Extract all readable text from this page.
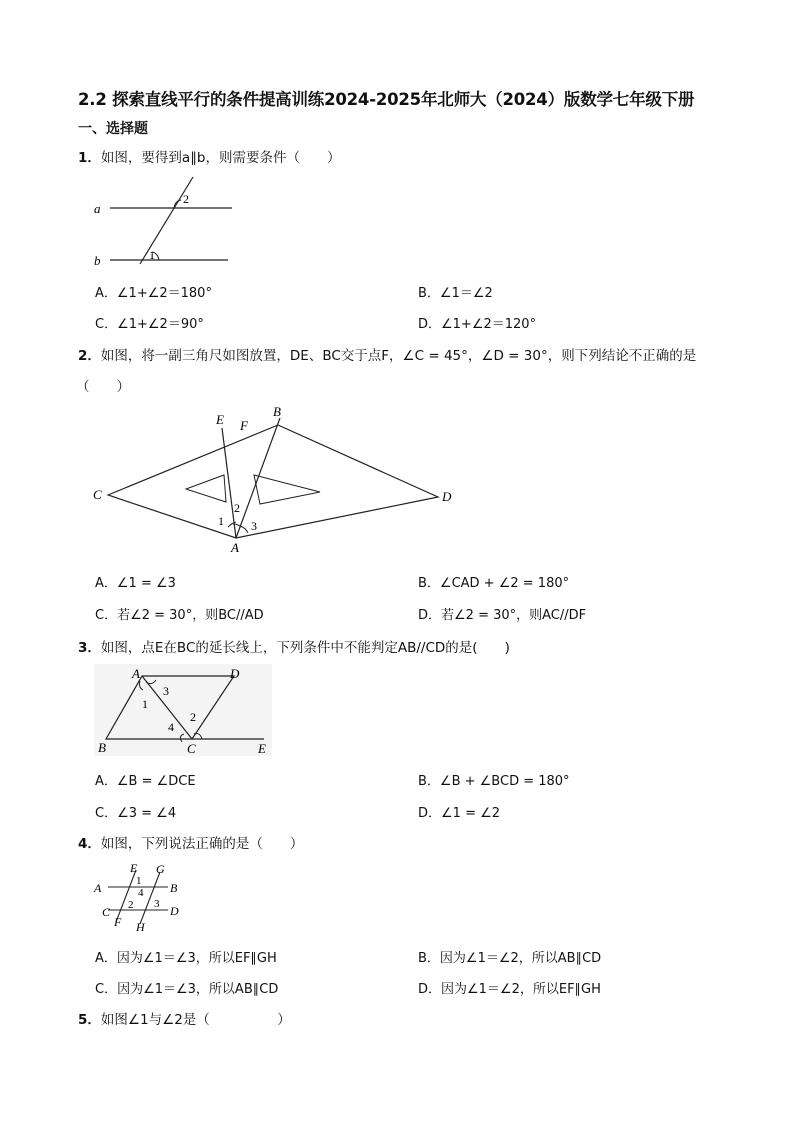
2.2 探索直线平行的条件提高训练2024-2025年北师大（2024）版数学七年级下册
一、选择题
1．如图，要得到a∥b，则需要条件（　　）
a
b	1
2
A．∠1+∠2＝180°	B．∠1＝∠2
C．∠1+∠2＝90°	D．∠1+∠2＝120°
2．如图，将一副三角尺如图放置，DE、BC交于点F，∠C = 45°，∠D = 30°，则下列结论不正确的是
（　　）
E F
B
C	D
A
1
2
3
A．∠1 = ∠3	B．∠CAD + ∠2 = 180°
C．若∠2 = 30°，则BC//AD	D．若∠2 = 30°，则AC//DF
3．如图，点E在BC的延长线上，下列条件中不能判定AB//CD的是(　　)
A	D
B	C	E
1
2
3
4
A．∠B = ∠DCE	B．∠B + ∠BCD = 180°
C．∠3 = ∠4	D．∠1 = ∠2
4．如图，下列说法正确的是（　　）
E G
A	B
C	D
F H
1
2 3
4
A．因为∠1＝∠3，所以EF∥GH	B．因为∠1＝∠2，所以AB∥CD
C．因为∠1＝∠3，所以AB∥CD	D．因为∠1＝∠2，所以EF∥GH
5．如图∠1与∠2是（　　　　　）
